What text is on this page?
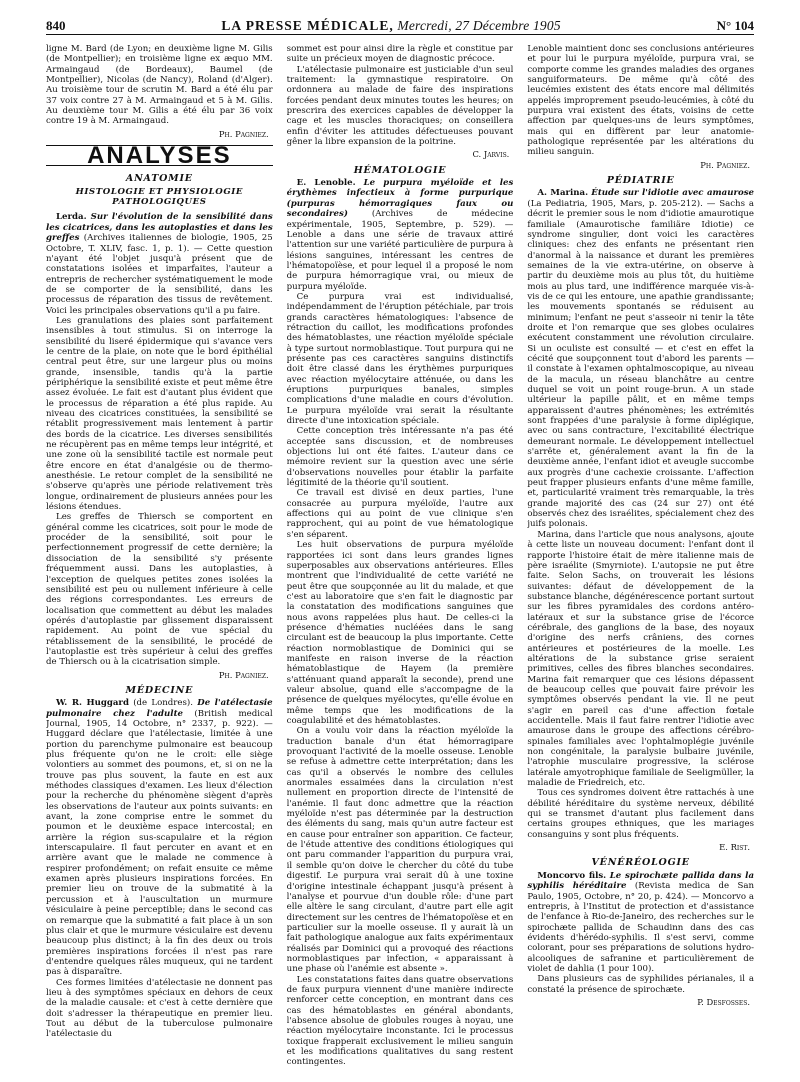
840	LA PRESSE MÉDICALE, Mercredi, 27 Décembre 1905	N° 104

ligne M. Bard (de Lyon; en deuxième ligne M. Gilis (de Montpellier); en troisième ligne ex æquo MM. Armaingaud (de Bordeaux), Baumel (de Montpellier), Nicolas (de Nancy), Roland (d'Alger). Au troisième tour de scrutin M. Bard a été élu par 37 voix contre 27 à M. Armaingaud et 5 à M. Gilis. Au deuxième tour M. Gilis a été élu par 36 voix contre 19 à M. Armaingaud.

Ph. Pagniez.
ANALYSES
ANATOMIE
HISTOLOGIE ET PHYSIOLOGIE PATHOLOGIQUES

Lerda. Sur l'évolution de la sensibilité dans les cicatrices, dans les autoplasties et dans les greffes (Archives italiennes de biologie, 1905, 25 Octobre, T. XLIV, fasc. 1, p. 1). — Cette question n'ayant été l'objet jusqu'à présent que de constatations isolées et imparfaites, l'auteur a entrepris de rechercher systématiquement le mode de se comporter de la sensibilité, dans les processus de réparation des tissus de revêtement. Voici les principales observations qu'il a pu faire.

Les granulations des plaies sont parfaitement insensibles à tout stimulus. Si on interroge la sensibilité du liseré épidermique qui s'avance vers le centre de la plaie, on note que le bord épithélial central peut être, sur une largeur plus ou moins grande, insensible, tandis qu'à la partie périphérique la sensibilité existe et peut même être assez évoluée. Le fait est d'autant plus évident que le processus de réparation a été plus rapide. Au niveau des cicatrices constituées, la sensibilité se rétablit progressivement mais lentement à partir des bords de la cicatrice. Les diverses sensibilités ne récupèrent pas en même temps leur intégrité, et une zone où la sensibilité tactile est normale peut être encore en état d'analgésie ou de thermo-anesthésie. Le retour complet de la sensibilité ne s'observe qu'après une période relativement très longue, ordinairement de plusieurs années pour les lésions étendues.

Les greffes de Thiersch se comportent en général comme les cicatrices, soit pour le mode de procéder de la sensibilité, soit pour le perfectionnement progressif de cette dernière; la dissociation de la sensibilité s'y présente fréquemment aussi. Dans les autoplasties, à l'exception de quelques petites zones isolées la sensibilité est peu ou nullement inférieure à celle des régions correspondantes. Les erreurs de localisation que commettent au début les malades opérés d'autoplastie par glissement disparaissent rapidement. Au point de vue spécial du rétablissement de la sensibilité, le procédé de l'autoplastie est très supérieur à celui des greffes de Thiersch ou à la cicatrisation simple.

Ph. Pagniez.
MÉDECINE

W. R. Huggard (de Londres). De l'atélectasie pulmonaire chez l'adulte (British medical Journal, 1905, 14 Octobre, n° 2337, p. 922). — Huggard déclare que l'atélectasie, limitée à une portion du parenchyme pulmonaire est beaucoup plus fréquente qu'on ne le croit: elle siège volontiers au sommet des poumons, et, si on ne la trouve pas plus souvent, la faute en est aux méthodes classiques d'examen. Les lieux d'élection pour la recherche du phénomène siègent d'après les observations de l'auteur aux points suivants: en avant, la zone comprise entre le sommet du poumon et le deuxième espace intercostal; en arrière la région sus-scapulaire et la région interscapulaire. Il faut percuter en avant et en arrière avant que le malade ne commence à respirer profondément; on refait ensuite ce même examen après plusieurs inspirations forcées. En premier lieu on trouve de la submatité à la percussion et à l'auscultation un murmure vésiculaire à peine perceptible; dans le second cas on remarque que la submatité a fait place à un son plus clair et que le murmure vésiculaire est devenu beaucoup plus distinct; à la fin des deux ou trois premières inspirations forcées il n'est pas rare d'entendre quelques râles muqueux, qui ne tardent pas à disparaître.

Ces formes limitées d'atélectasie ne donnent pas lieu à des symptômes spéciaux en dehors de ceux de la maladie causale: et c'est à cette dernière que doit s'adresser la thérapeutique en premier lieu. Tout au début de la tuberculose pulmonaire l'atélectasie du

sommet est pour ainsi dire la règle et constitue par suite un précieux moyen de diagnostic précoce.

L'atélectasie pulmonaire est justiciable d'un seul traitement: la gymnastique respiratoire. On ordonnera au malade de faire des inspirations forcées pendant deux minutes toutes les heures; on prescrira des exercices capables de développer la cage et les muscles thoraciques; on conseillera enfin d'éviter les attitudes défectueuses pouvant gêner la libre expansion de la poitrine.

C. Jarvis.
HÉMATOLOGIE

E. Lenoble. Le purpura myéloïde et les érythèmes infectieux à forme purpurique (purpuras hémorragiques faux ou secondaires)	(Archives de médecine expérimentale, 1905, Septembre, p. 529). — Lenoble a dans une série de travaux attiré l'attention sur une variété particulière de purpura à lésions sanguines, intéressant les centres de l'hématopoïèse, et pour lequel il a proposé le nom de purpura hémorragique vrai, ou mieux de purpura myéloïde.

Ce purpura vrai est individualisé, indépendamment de l'éruption pétéchiale, par trois grands caractères hématologiques: l'absence de rétraction du caillot, les modifications profondes des hématoblastes, une réaction myéloïde spéciale à type surtout normoblastique. Tout purpura qui ne présente pas ces caractères sanguins distinctifs doit être classé dans les érythèmes purpuriques avec réaction myélocytaire atténuée, ou dans les éruptions purpuriques banales, simples complications d'une maladie en cours d'évolution. Le purpura myéloïde vrai serait la résultante directe d'une intoxication spéciale.

Cette conception très intéressante n'a pas été acceptée sans discussion, et de nombreuses objections lui ont été faites. L'auteur dans ce mémoire revient sur la question avec une série d'observations nouvelles pour établir la parfaite légitimité de la théorie qu'il soutient.

Ce travail est divisé en deux parties, l'une consacrée au purpura myéloïde, l'autre aux affections qui au point de vue clinique s'en rapprochent, qui au point de vue hématologique s'en séparent.

Les huit observations de purpura myéloïde rapportées ici sont dans leurs grandes lignes superposables aux observations antérieures. Elles montrent que l'individualité de cette variété ne peut être que soupçonnée au lit du malade, et que c'est au laboratoire que s'en fait le diagnostic par la constatation des modifications sanguines que nous avons rappelées plus haut. De celles-ci la présence d'hématies nucléées dans le sang circulant est de beaucoup la plus importante. Cette réaction normoblastique de Dominici qui se manifeste en raison inverse de la réaction hématoblastique de Hayem (la première s'atténuant quand apparaît la seconde), prend une valeur absolue, quand elle s'accompagne de la présence de quelques myélocytes, qu'elle évolue en même temps que les modifications de la coagulabilité et des hématoblastes.

On a voulu voir dans la réaction myéloïde la traduction banale d'un état hémorragipare provoquant l'activité de la moelle osseuse. Lenoble se refuse à admettre cette interprétation; dans les cas qu'il a observés le nombre des cellules anormales essaimées dans la circulation n'est nullement en proportion directe de l'intensité de l'anémie. Il faut donc admettre que la réaction myéloïde n'est pas déterminée par la destruction des éléments du sang, mais qu'un autre facteur est en cause pour entraîner son apparition. Ce facteur, de l'étude attentive des conditions étiologiques qui ont paru commander l'apparition du purpura vrai, il semble qu'on doive le chercher du côté du tube digestif. Le purpura vrai serait dû à une toxine d'origine intestinale échappant jusqu'à présent à l'analyse et pourvue d'un double rôle: d'une part elle altère le sang circulant, d'autre part elle agit directement sur les centres de l'hématopoïèse et en particulier sur la moelle osseuse. Il y aurait là un fait pathologique analogue aux faits expérimentaux réalisés par Dominici qui a provoqué des réactions normoblastiques par infection, « apparaissant à une phase où l'anémie est absente ».

Les constatations faites dans quatre observations de faux purpura viennent d'une manière indirecte renforcer cette conception, en montrant dans ces cas des hématoblastes en général abondants, l'absence absolue de globules rouges à noyau, une réaction myélocytaire inconstante. Ici le processus toxique frapperait exclusivement le milieu sanguin et les modifications qualitatives du sang restent contingentes.

Lenoble maintient donc ses conclusions antérieures et pour lui le purpura myéloïde, purpura vrai, se comporte comme les grandes maladies des organes sanguiformateurs. De même qu'à côté des leucémies existent des états encore mal délimités appelés improprement pseudo-leucémies, à côté du purpura vrai existent des états, voisins de cette affection par quelques-uns de leurs symptômes, mais qui en diffèrent par leur anatomie-pathologique représentée par les altérations du milieu sanguin.

Ph. Pagniez.
PÉDIATRIE

A. Marina. Étude sur l'idiotie avec amaurose (La Pediatria, 1905, Mars, p. 205-212). — Sachs a décrit le premier sous le nom d'idiotie amaurotique familiale (Amaurotische familiäre Idiotie) ce syndrome singulier, dont voici les caractères cliniques: chez des enfants ne présentant rien d'anormal à la naissance et durant les premières semaines de la vie extra-utérine, on observe à partir du deuxième mois au plus tôt, du huitième mois au plus tard, une indifférence marquée vis-à-vis de ce qui les entoure, une apathie grandissante; les mouvements spontanés se réduisent au minimum; l'enfant ne peut s'asseoir ni tenir la tête droite et l'on remarque que ses globes oculaires exécutent constamment une révolution circulaire. Si un oculiste est consulté — et c'est en effet la cécité que soupçonnent tout d'abord les parents — il constate à l'examen ophtalmoscopique, au niveau de la macula, un réseau blanchâtre au centre duquel se voit un point rouge-brun. A un stade ultérieur la papille pâlit, et en même temps apparaissent d'autres phénomènes; les extrémités sont frappées d'une paralysie à forme diplégique, avec ou sans contracture, l'excitabilité électrique demeurant normale. Le développement intellectuel s'arrête et, généralement avant la fin de la deuxième année, l'enfant idiot et aveugle succombe aux progrès d'une cachexie croissante. L'affection peut frapper plusieurs enfants d'une même famille, et, particularité vraiment très remarquable, la très grande majorité des cas (24 sur 27) ont été observés chez des israélites, spécialement chez des juifs polonais.

Marina, dans l'article que nous analysons, ajoute à cette liste un nouveau document: l'enfant dont il rapporte l'histoire était de mère italienne mais de père israélite (Smyrniote). L'autopsie ne put être faite. Selon Sachs, on trouverait les lésions suivantes: défaut de développement de la substance blanche, dégénérescence portant surtout sur les fibres pyramidales des cordons antéro-latéraux et sur la substance grise de l'écorce cérébrale, des ganglions de la base, des noyaux d'origine des nerfs crâniens, des cornes antérieures et postérieures de la moelle. Les altérations de la substance grise seraient primitives, celles des fibres blanches secondaires. Marina fait remarquer que ces lésions dépassent de beaucoup celles que pouvait faire prévoir les symptômes observés pendant la vie. Il ne peut s'agir en pareil cas d'une affection fœtale accidentelle. Mais il faut faire rentrer l'idiotie avec amaurose dans le groupe des affections cérébro-spinales familiales avec l'ophtalmoplégie juvénile non congénitale, la paralysie bulbaire juvénile, l'atrophie musculaire progressive, la sclérose latérale amyotrophique familiale de Seeligmüller, la maladie de Friedreich, etc.

Tous ces syndromes doivent être rattachés à une débilité héréditaire du système nerveux, débilité qui se transmet d'autant plus facilement dans certains groupes ethniques, que les mariages consanguins y sont plus fréquents.

E. Rist.
VÉNÉRÉOLOGIE

Moncorvo fils. Le spirochæte pallida dans la syphilis héréditaire (Revista medica de San Paulo, 1905, Octobre, n° 20, p. 424). — Moncorvo a entrepris, à l'Institut de protection et d'assistance de l'enfance à Rio-de-Janeiro, des recherches sur le spirochæte pallida de Schaudinn dans des cas évidents d'hérédo-syphilis. Il s'est servi, comme colorant, pour ses préparations de solutions hydro-alcooliques de safranine et particulièrement de violet de dahlia (1 pour 100).

Dans plusieurs cas de syphilides périanales, il a constaté la présence de spirochæte.

P. Desfosses.
